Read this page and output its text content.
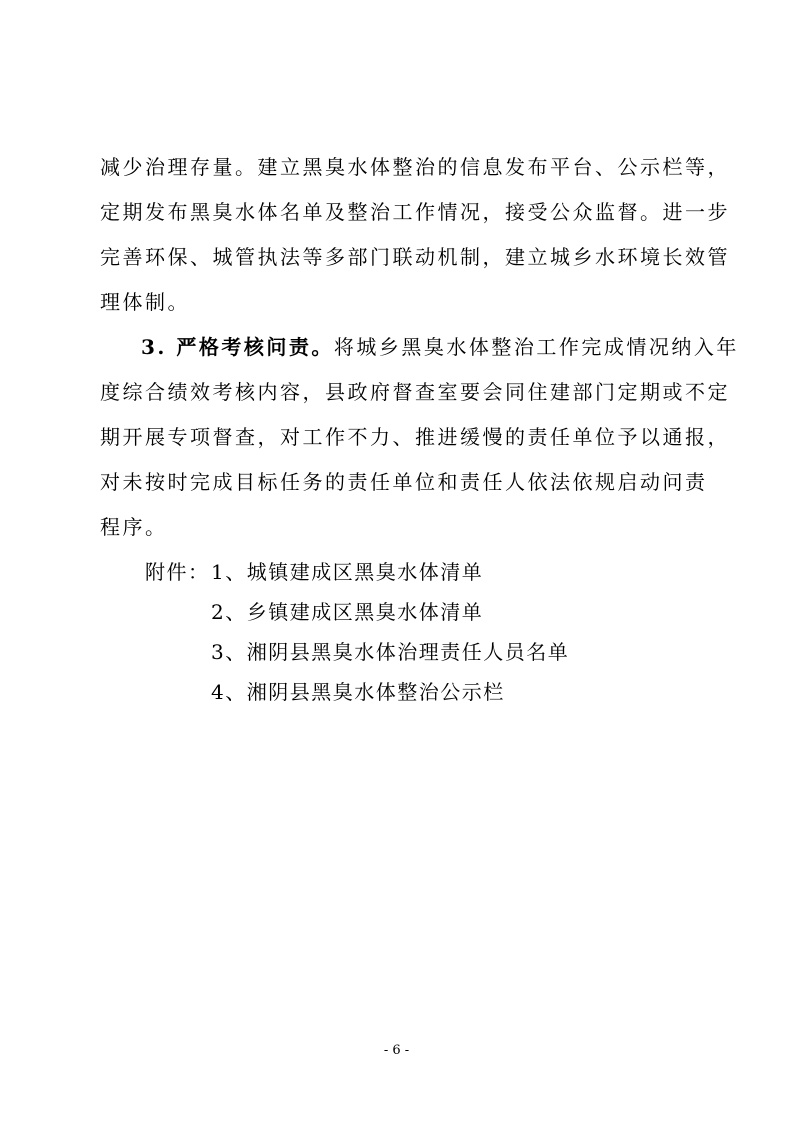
减少治理存量。建立黑臭水体整治的信息发布平台、公示栏等，
定期发布黑臭水体名单及整治工作情况，接受公众监督。进一步
完善环保、城管执法等多部门联动机制，建立城乡水环境长效管
理体制。
3. 严格考核问责。将城乡黑臭水体整治工作完成情况纳入年
度综合绩效考核内容，县政府督查室要会同住建部门定期或不定
期开展专项督查，对工作不力、推进缓慢的责任单位予以通报，
对未按时完成目标任务的责任单位和责任人依法依规启动问责
程序。
附件： 1、城镇建成区黑臭水体清单
2、乡镇建成区黑臭水体清单
3、湘阴县黑臭水体治理责任人员名单
4、湘阴县黑臭水体整治公示栏
- 6 -
